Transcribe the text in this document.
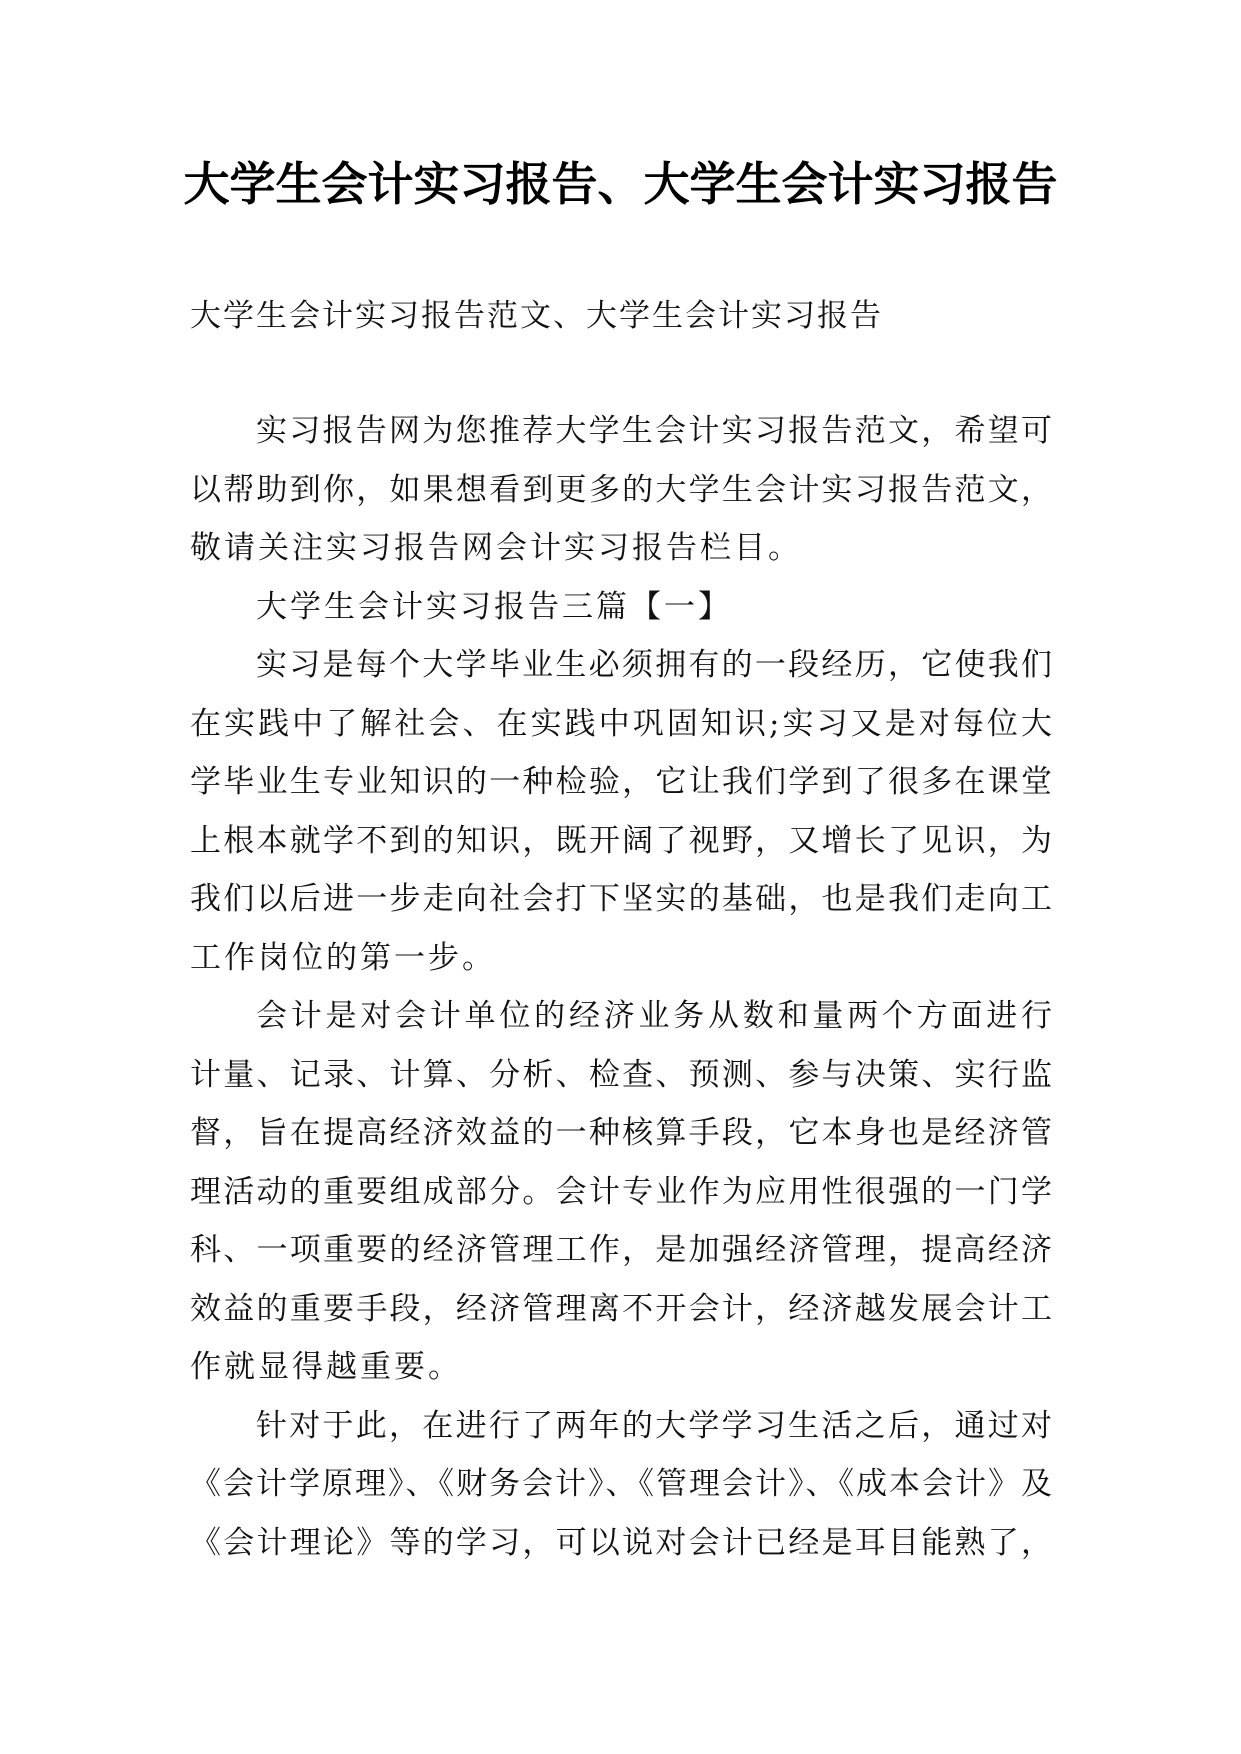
大学生会计实习报告、大学生会计实习报告
大学生会计实习报告范文、大学生会计实习报告
实习报告网为您推荐大学生会计实习报告范文，希望可
以帮助到你，如果想看到更多的大学生会计实习报告范文，
敬请关注实习报告网会计实习报告栏目。
大学生会计实习报告三篇【一】
实习是每个大学毕业生必须拥有的一段经历，它使我们
在实践中了解社会、在实践中巩固知识;实习又是对每位大
学毕业生专业知识的一种检验，它让我们学到了很多在课堂
上根本就学不到的知识，既开阔了视野，又增长了见识，为
我们以后进一步走向社会打下坚实的基础，也是我们走向工
工作岗位的第一步。
会计是对会计单位的经济业务从数和量两个方面进行
计量、记录、计算、分析、检查、预测、参与决策、实行监
督，旨在提高经济效益的一种核算手段，它本身也是经济管
理活动的重要组成部分。会计专业作为应用性很强的一门学
科、一项重要的经济管理工作，是加强经济管理，提高经济
效益的重要手段，经济管理离不开会计，经济越发展会计工
作就显得越重要。
针对于此，在进行了两年的大学学习生活之后，通过对
《会计学原理》、《财务会计》、《管理会计》、《成本会计》及
《会计理论》等的学习，可以说对会计已经是耳目能熟了，
